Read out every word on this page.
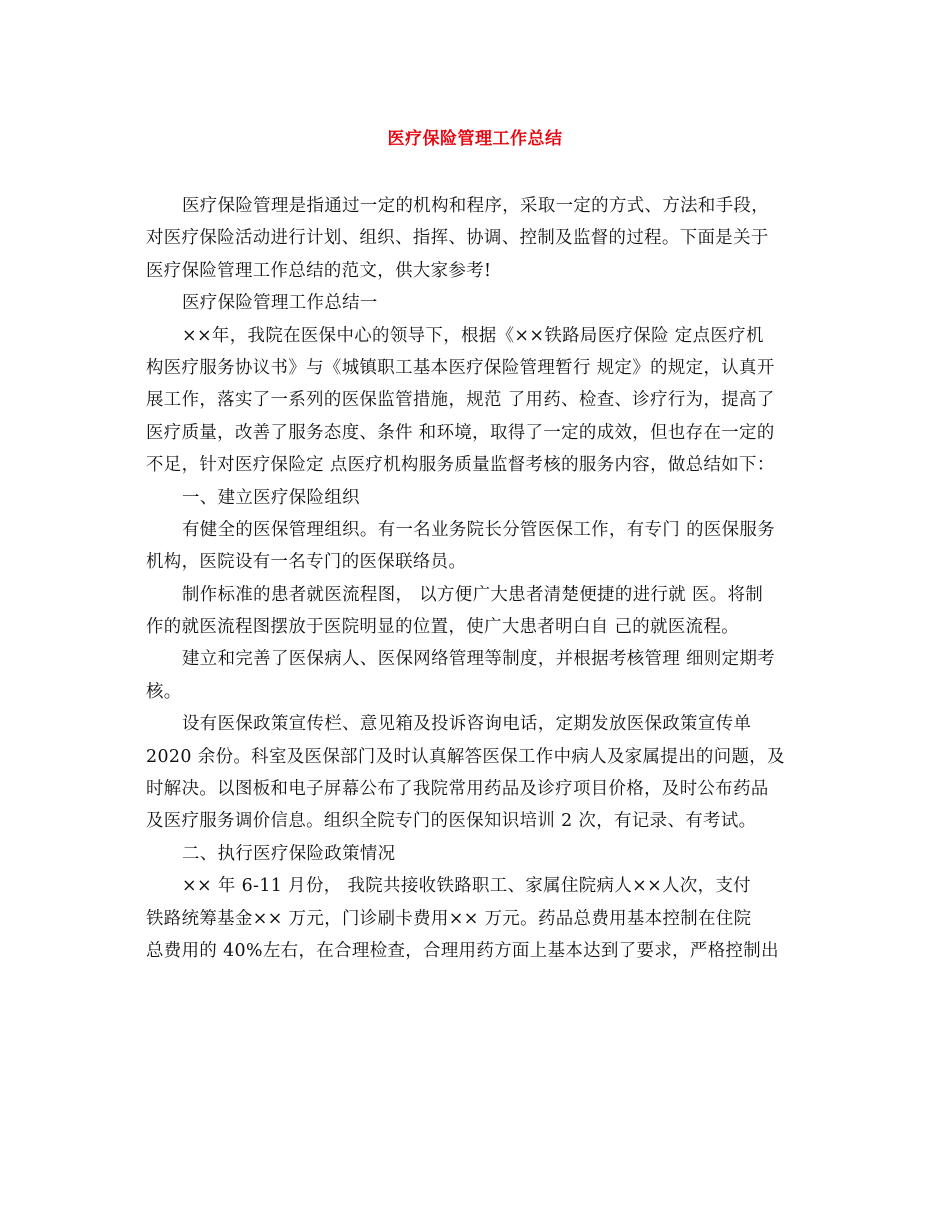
医疗保险管理工作总结
医疗保险管理是指通过一定的机构和程序，采取一定的方式、方法和手段，
对医疗保险活动进行计划、组织、指挥、协调、控制及监督的过程。下面是关于
医疗保险管理工作总结的范文，供大家参考!
医疗保险管理工作总结一
××年，我院在医保中心的领导下，根据《××铁路局医疗保险 定点医疗机
构医疗服务协议书》与《城镇职工基本医疗保险管理暂行 规定》的规定，认真开
展工作，落实了一系列的医保监管措施，规范 了用药、检查、诊疗行为，提高了
医疗质量，改善了服务态度、条件 和环境，取得了一定的成效，但也存在一定的
不足，针对医疗保险定 点医疗机构服务质量监督考核的服务内容，做总结如下：
一、建立医疗保险组织
有健全的医保管理组织。有一名业务院长分管医保工作，有专门 的医保服务
机构，医院设有一名专门的医保联络员。
制作标准的患者就医流程图， 以方便广大患者清楚便捷的进行就 医。将制
作的就医流程图摆放于医院明显的位置，使广大患者明白自 己的就医流程。
建立和完善了医保病人、医保网络管理等制度，并根据考核管理 细则定期考
核。
设有医保政策宣传栏、意见箱及投诉咨询电话，定期发放医保政策宣传单
2020 余份。科室及医保部门及时认真解答医保工作中病人及家属提出的问题，及
时解决。以图板和电子屏幕公布了我院常用药品及诊疗项目价格，及时公布药品
及医疗服务调价信息。组织全院专门的医保知识培训 2 次，有记录、有考试。
二、执行医疗保险政策情况
×× 年 6-11 月份， 我院共接收铁路职工、家属住院病人××人次，支付
铁路统筹基金×× 万元，门诊刷卡费用×× 万元。药品总费用基本控制在住院
总费用的 40%左右，在合理检查，合理用药方面上基本达到了要求，严格控制出
